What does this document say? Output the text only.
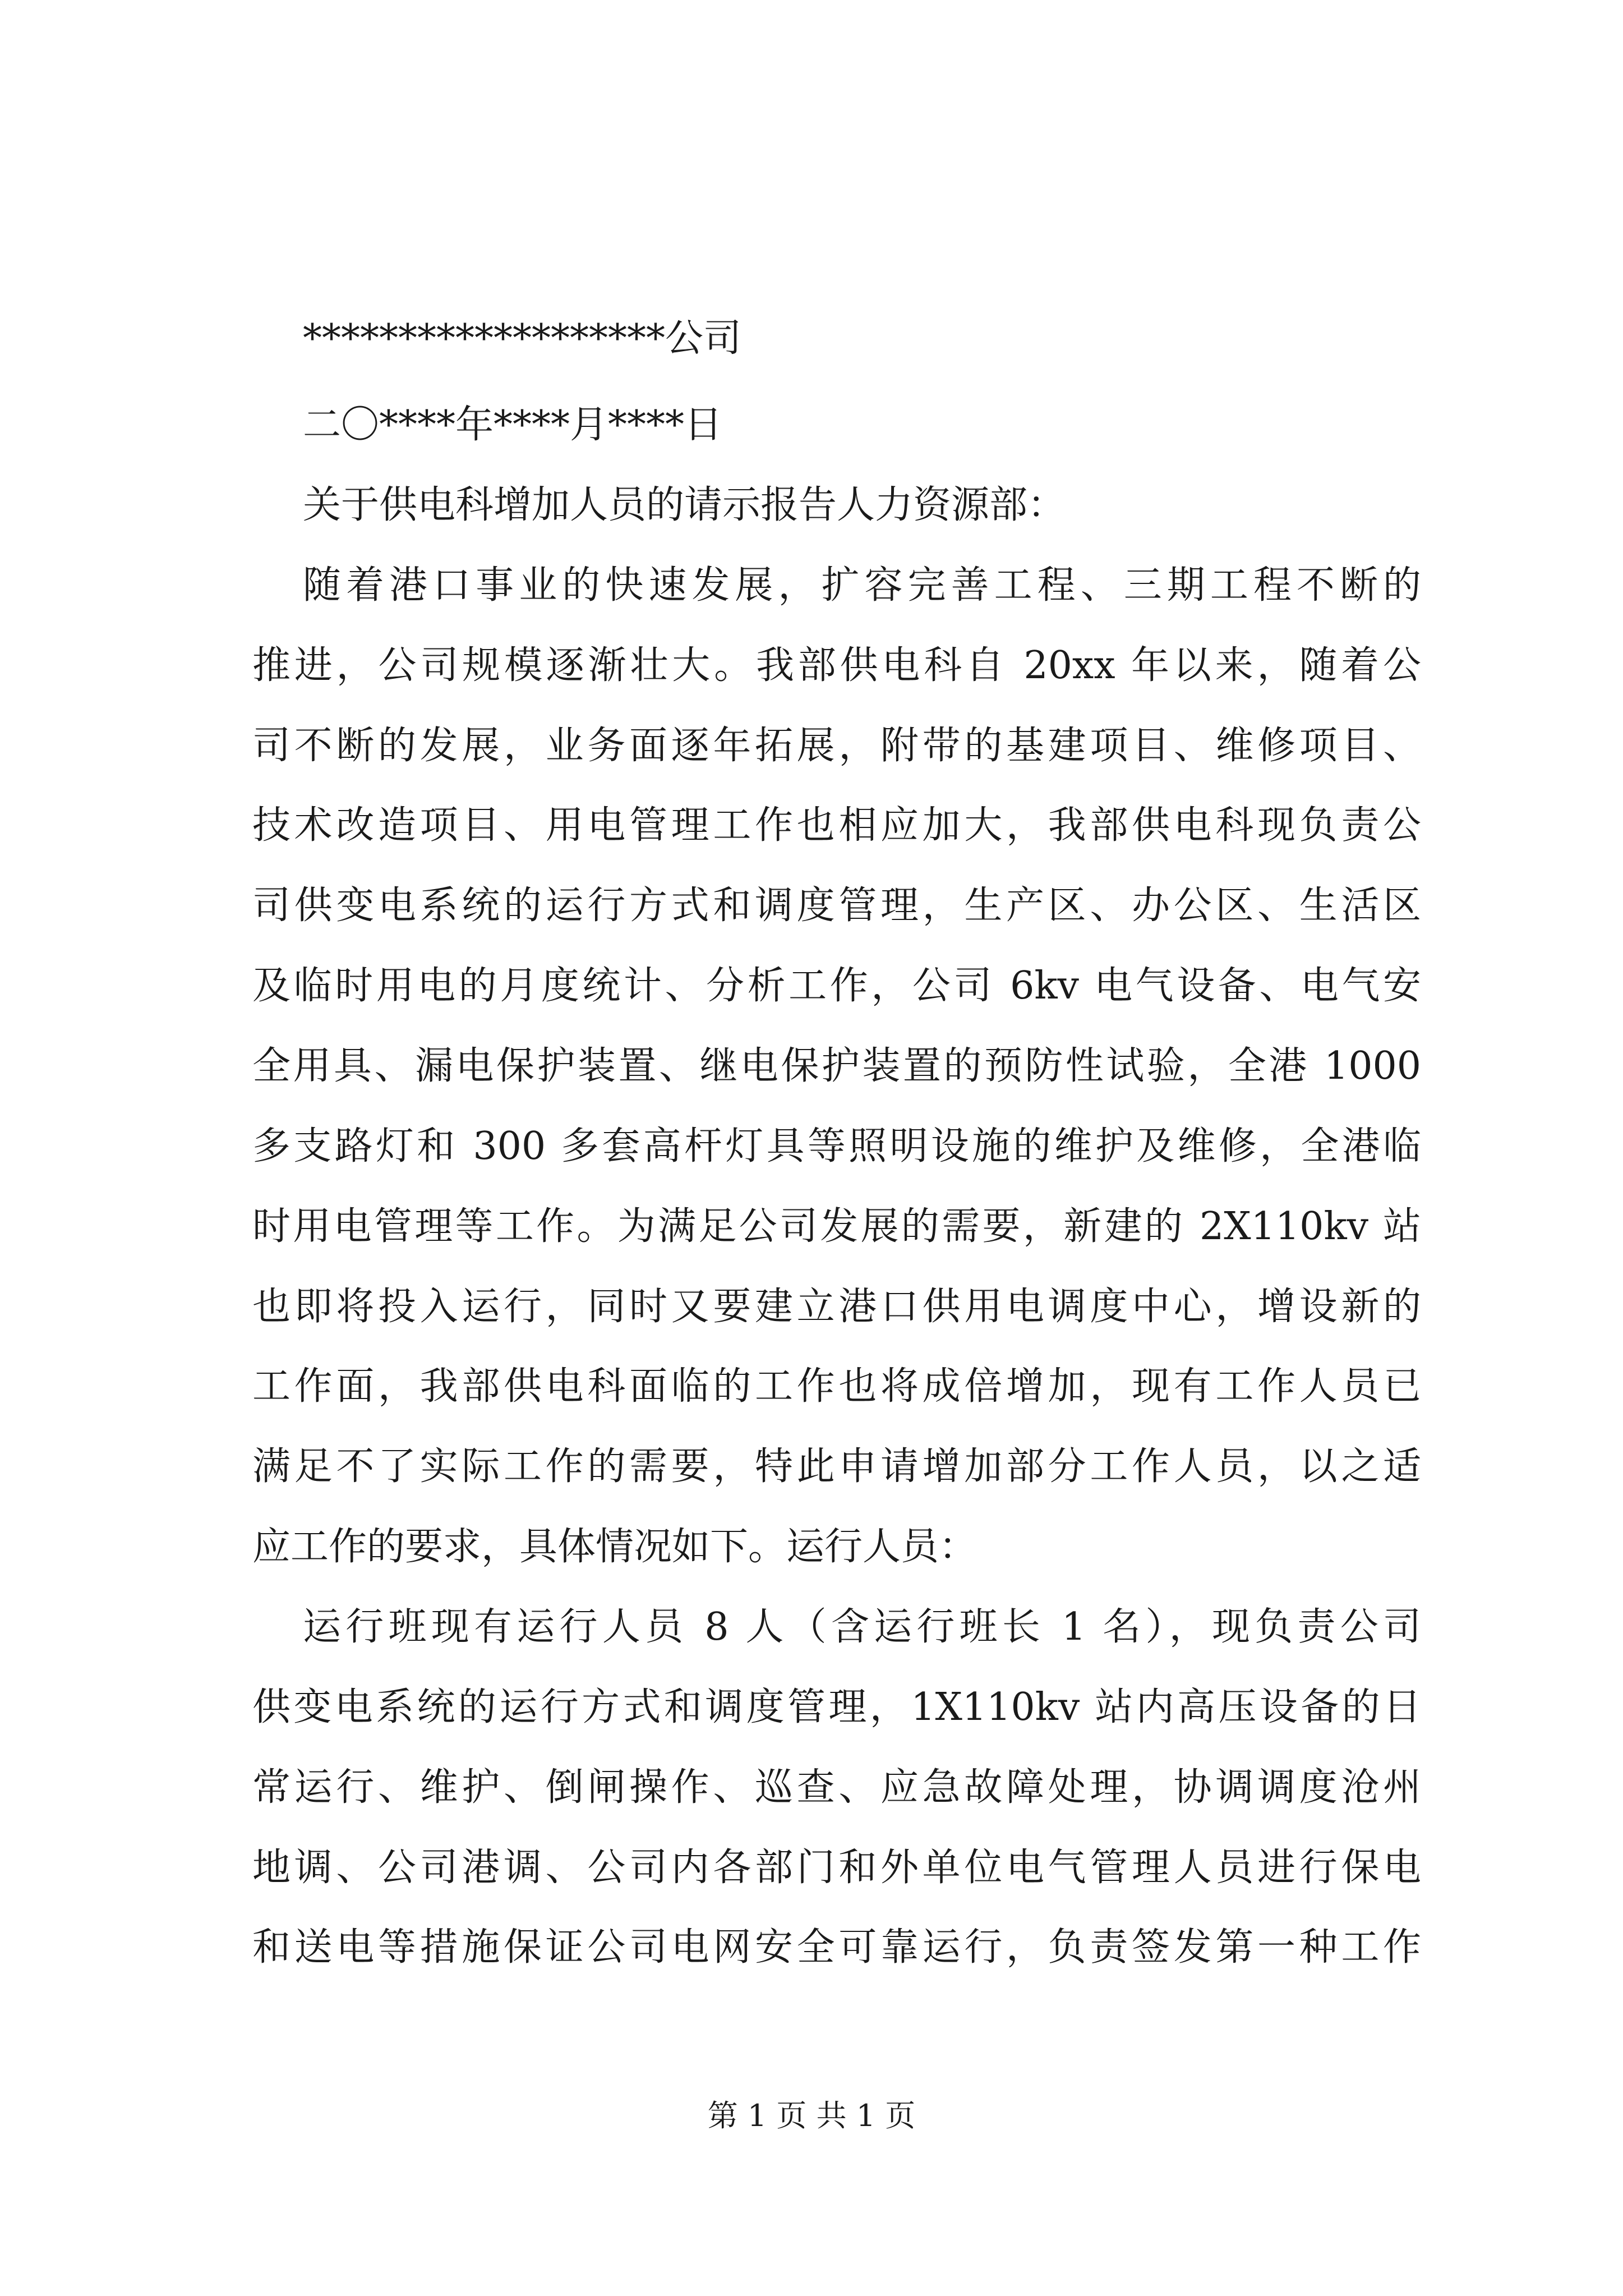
*******************公司
二〇****年****月****日
关于供电科增加人员的请示报告人力资源部：
随着港口事业的快速发展，扩容完善工程、三期工程不断的
推进，公司规模逐渐壮大。我部供电科自 20xx 年以来，随着公
司不断的发展，业务面逐年拓展，附带的基建项目、维修项目、
技术改造项目、用电管理工作也相应加大，我部供电科现负责公
司供变电系统的运行方式和调度管理，生产区、办公区、生活区
及临时用电的月度统计、分析工作，公司 6kv 电气设备、电气安
全用具、漏电保护装置、继电保护装置的预防性试验，全港 1000
多支路灯和 300 多套高杆灯具等照明设施的维护及维修，全港临
时用电管理等工作。为满足公司发展的需要，新建的 2X110kv 站
也即将投入运行，同时又要建立港口供用电调度中心，增设新的
工作面，我部供电科面临的工作也将成倍增加，现有工作人员已
满足不了实际工作的需要，特此申请增加部分工作人员，以之适
应工作的要求，具体情况如下。运行人员：
运行班现有运行人员 8 人（含运行班长 1 名），现负责公司
供变电系统的运行方式和调度管理，1X110kv 站内高压设备的日
常运行、维护、倒闸操作、巡查、应急故障处理，协调调度沧州
地调、公司港调、公司内各部门和外单位电气管理人员进行保电
和送电等措施保证公司电网安全可靠运行，负责签发第一种工作
第 1 页 共 1 页
